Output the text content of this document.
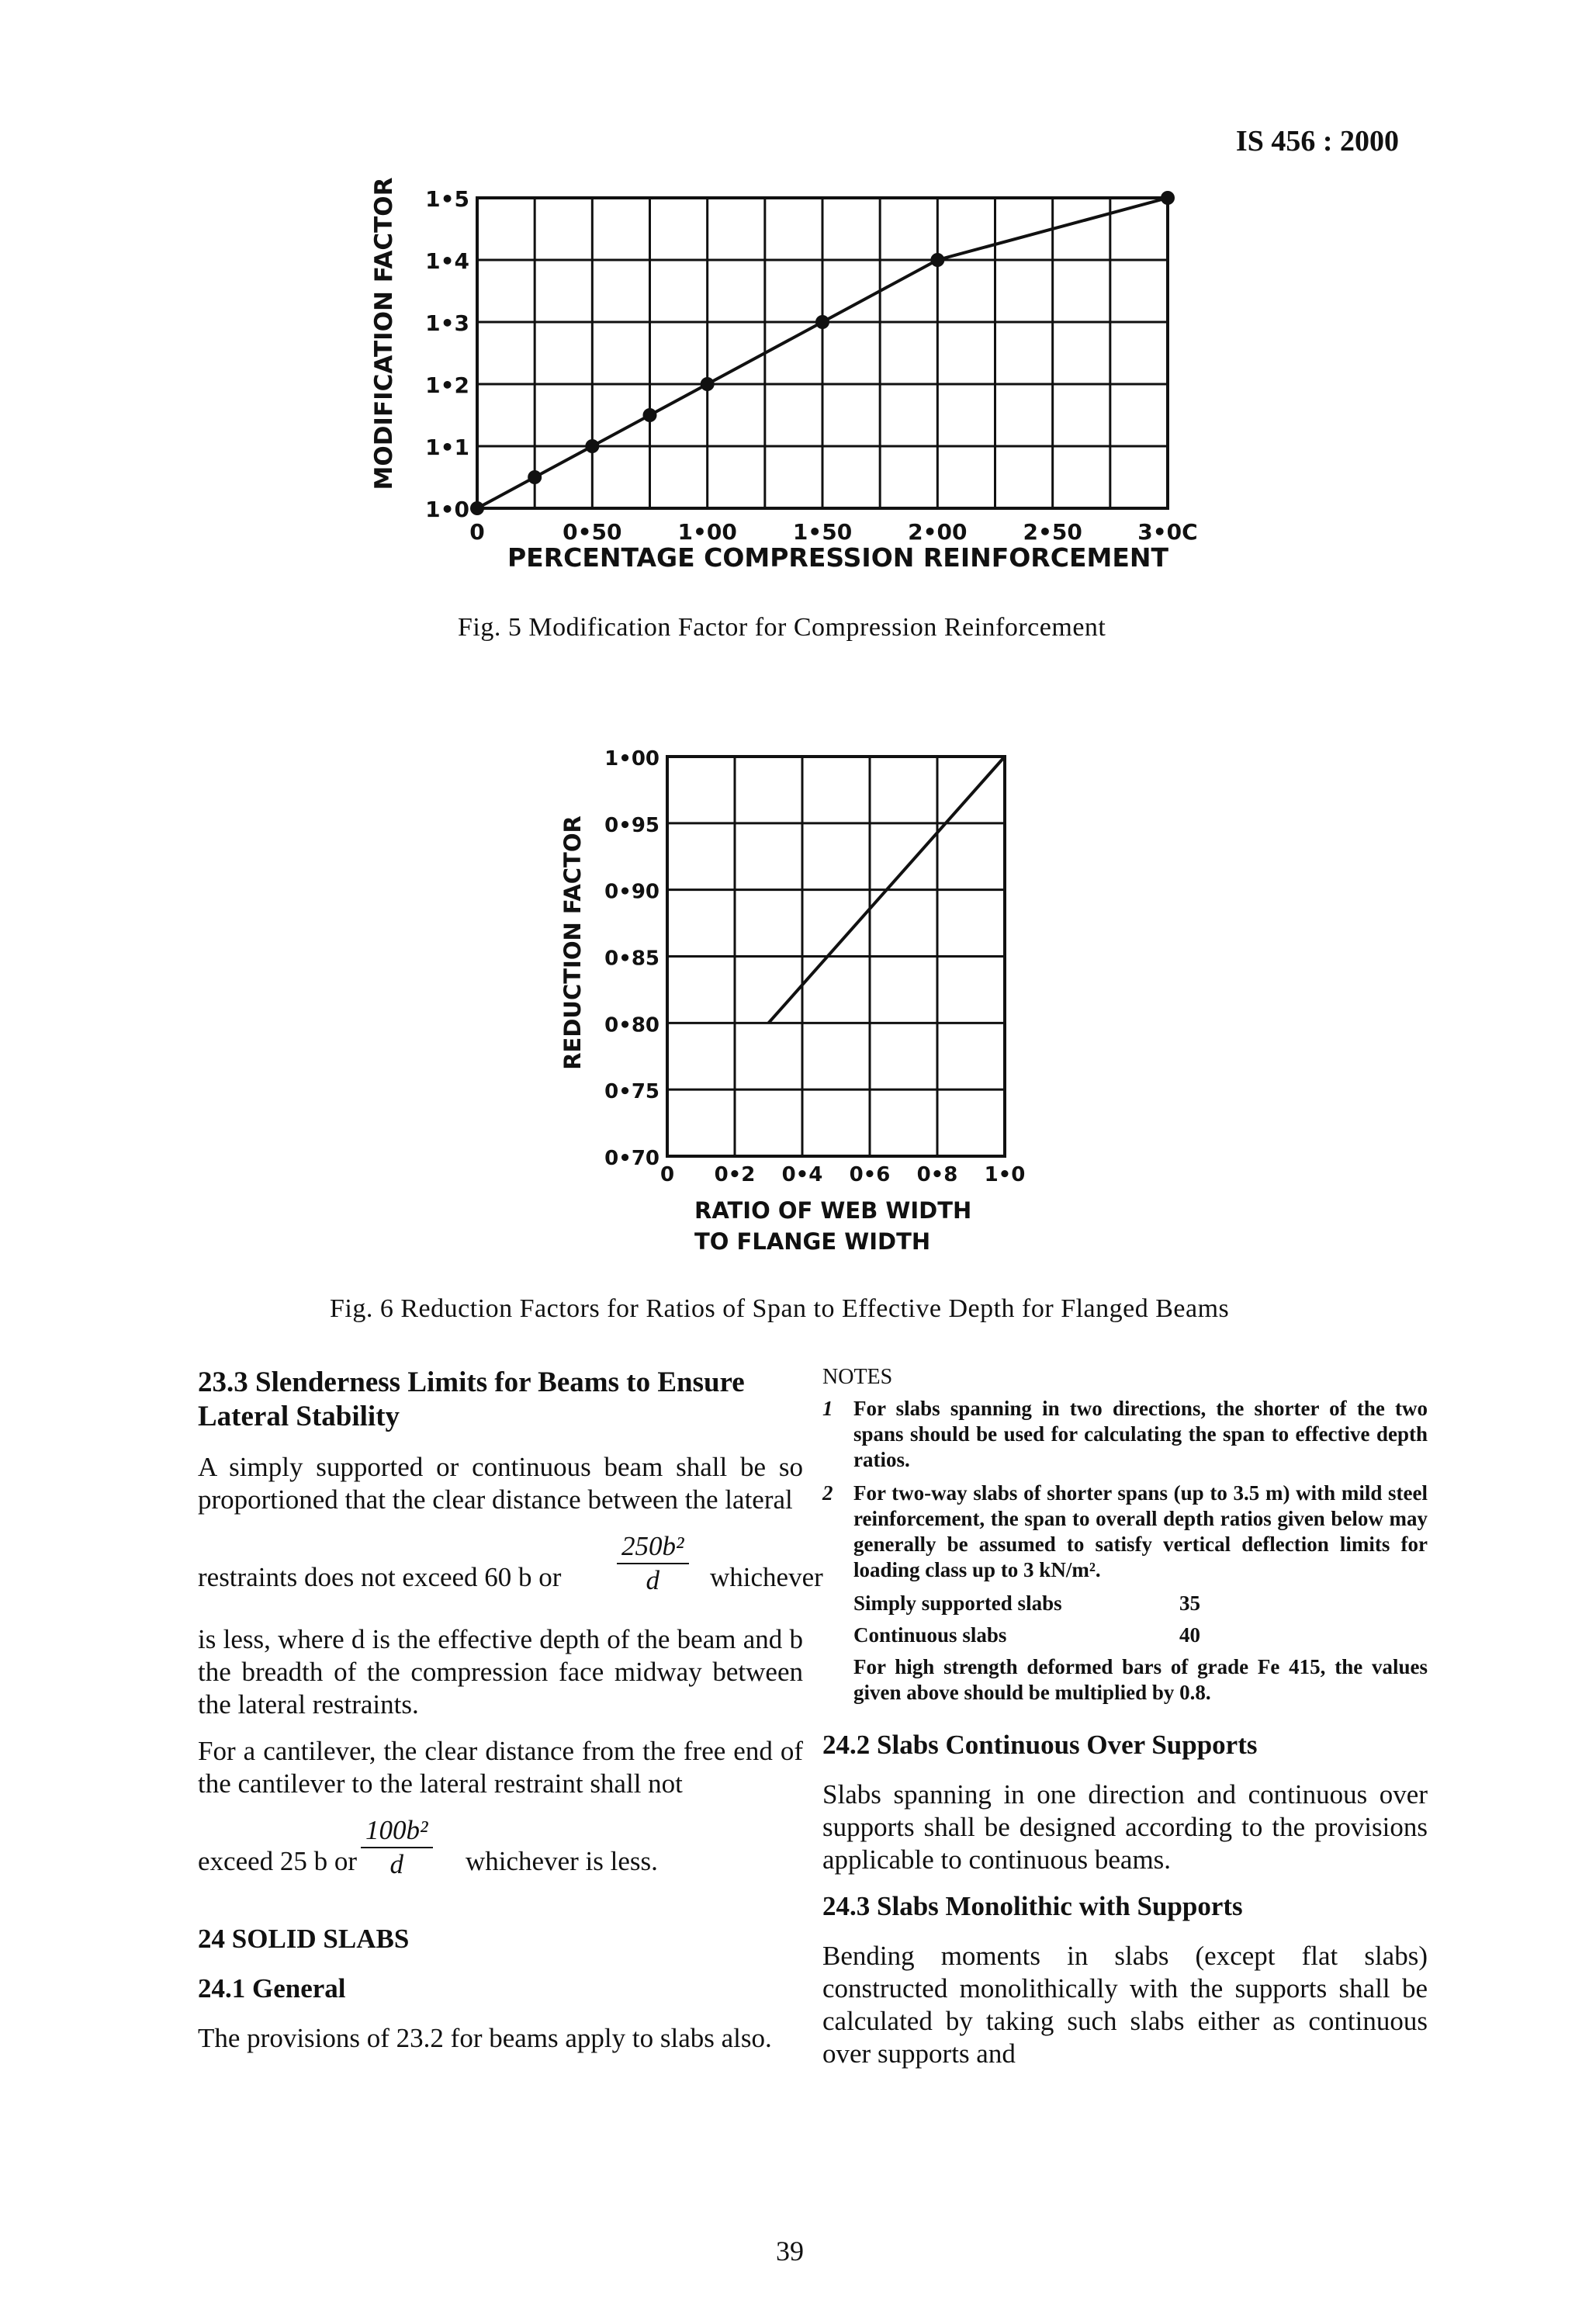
IS 456 : 2000
0	0•50	1•00	1•50	2•00	2•50	3•0C
1•0
1•1
1•2
1•3
1•4
1•5
PERCENTAGE COMPRESSION REINFORCEMENT
MODIFICATION FACTOR
Fig. 5 Modification Factor for Compression Reinforcement
0 0•2 0•4 0•6 0•8 1•0
0•70
0•75
0•80
0•85
0•90
0•95
1•00
RATIO OF WEB WIDTH
TO FLANGE WIDTH
REDUCTION FACTOR
Fig. 6 Reduction Factors for Ratios of Span to Effective Depth for Flanged Beams
23.3 Slenderness Limits for Beams to Ensure Lateral Stability

A simply supported or continuous beam shall be so proportioned that the clear distance between the lateral

restraints does not exceed 60 b or $\frac{\text{250b²}}{d}$ whichever

is less, where d is the effective depth of the beam and b the breadth of the compression face midway between the lateral restraints.

For a cantilever, the clear distance from the free end of the cantilever to the lateral restraint shall not

exceed 25 b or $\frac{\text{100b²}}{d}$ whichever is less.
24 SOLID SLABS
24.1 General

The provisions of 23.2 for beams apply to slabs also.

NOTES
1 For slabs spanning in two directions, the shorter of the two spans should be used for calculating the span to effective depth ratios.
2 For two-way slabs of shorter spans (up to 3.5 m) with mild steel reinforcement, the span to overall depth ratios given below may generally be assumed to satisfy vertical deflection limits for loading class up to 3 kN/m².
Simply supported slabs	35
Continuous slabs	40
For high strength deformed bars of grade Fe 415, the values given above should be multiplied by 0.8.
24.2 Slabs Continuous Over Supports

Slabs spanning in one direction and continuous over supports shall be designed according to the provisions applicable to continuous beams.

24.3 Slabs Monolithic with Supports

Bending moments in slabs (except flat slabs) constructed monolithically with the supports shall be calculated by taking such slabs either as continuous over supports and

39
